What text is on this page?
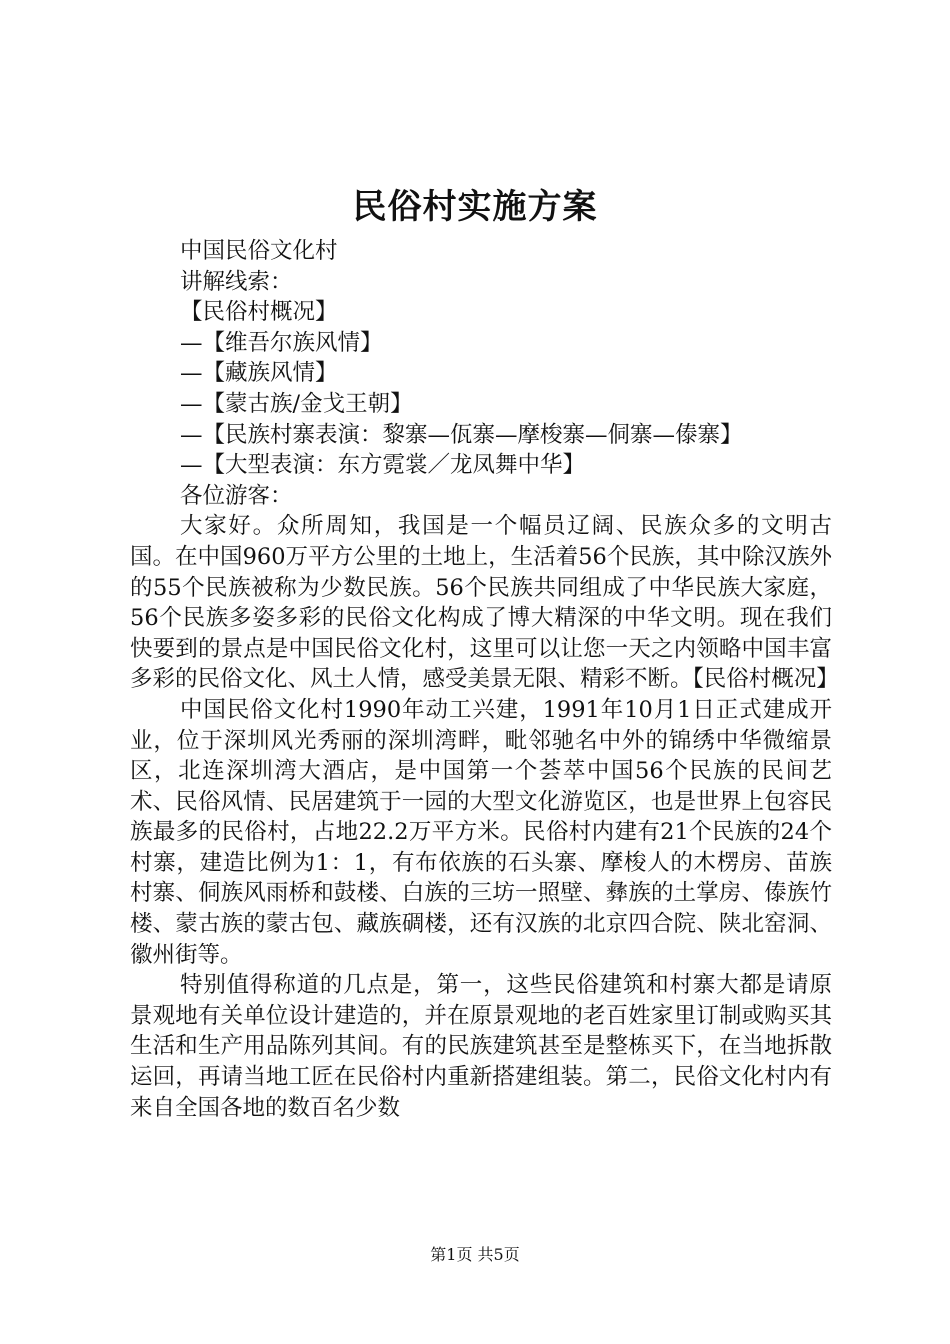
民俗村实施方案

中国民俗文化村

讲解线索：

【民俗村概况】

—【维吾尔族风情】

—【藏族风情】

—【蒙古族/金戈王朝】

—【民族村寨表演：黎寨—佤寨—摩梭寨—侗寨—傣寨】

—【大型表演：东方霓裳／龙凤舞中华】

各位游客：

大家好。众所周知，我国是一个幅员辽阔、民族众多的文明古国。在中国960万平方公里的土地上，生活着56个民族，其中除汉族外的55个民族被称为少数民族。56个民族共同组成了中华民族大家庭，56个民族多姿多彩的民俗文化构成了博大精深的中华文明。现在我们快要到的景点是中国民俗文化村，这里可以让您一天之内领略中国丰富多彩的民俗文化、风土人情，感受美景无限、精彩不断。【民俗村概况】

中国民俗文化村1990年动工兴建，1991年10月1日正式建成开业，位于深圳风光秀丽的深圳湾畔，毗邻驰名中外的锦绣中华微缩景区，北连深圳湾大酒店，是中国第一个荟萃中国56个民族的民间艺术、民俗风情、民居建筑于一园的大型文化游览区，也是世界上包容民族最多的民俗村，占地22.2万平方米。民俗村内建有21个民族的24个村寨，建造比例为1：1，有布依族的石头寨、摩梭人的木楞房、苗族村寨、侗族风雨桥和鼓楼、白族的三坊一照壁、彝族的土掌房、傣族竹楼、蒙古族的蒙古包、藏族碉楼，还有汉族的北京四合院、陕北窑洞、徽州街等。

特别值得称道的几点是，第一，这些民俗建筑和村寨大都是请原景观地有关单位设计建造的，并在原景观地的老百姓家里订制或购买其生活和生产用品陈列其间。有的民族建筑甚至是整栋买下，在当地拆散运回，再请当地工匠在民俗村内重新搭建组装。第二，民俗文化村内有来自全国各地的数百名少数

第1页 共5页
